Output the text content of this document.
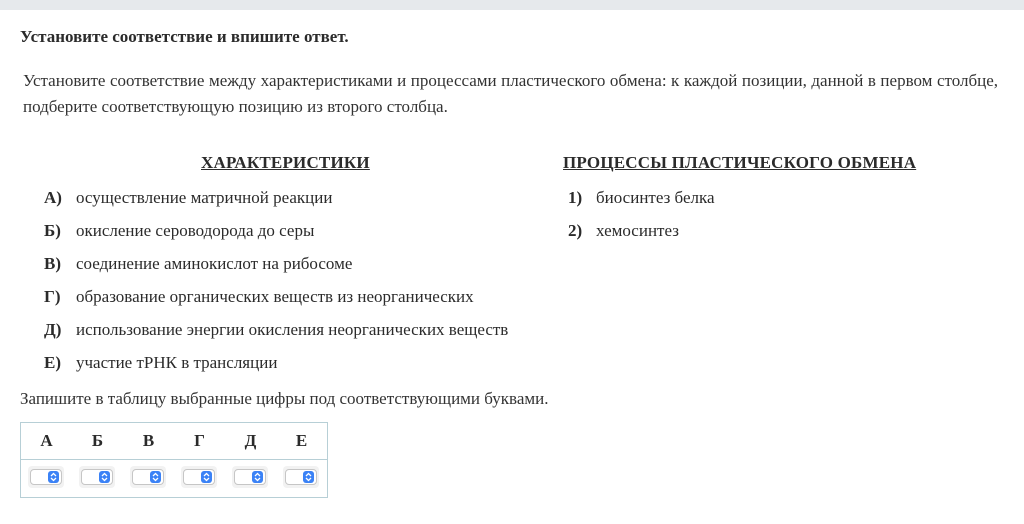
Установите соответствие и впишите ответ.
Установите соответствие между характеристиками и процессами пластического обмена: к каждой позиции, данной в первом столбце, подберите соответствующую позицию из второго столбца.
ХАРАКТЕРИСТИКИ	ПРОЦЕССЫ ПЛАСТИЧЕСКОГО ОБМЕНА
А) осуществление матричной реакции
Б) окисление сероводорода до серы
В) соединение аминокислот на рибосоме
Г) образование органических веществ из неорганических
Д) использование энергии окисления неорганических веществ
Е) участие тРНК в трансляции
1) биосинтез белка
2) хемосинтез
Запишите в таблицу выбранные цифры под соответствующими буквами.
А	Б	В	Г	Д	Е
